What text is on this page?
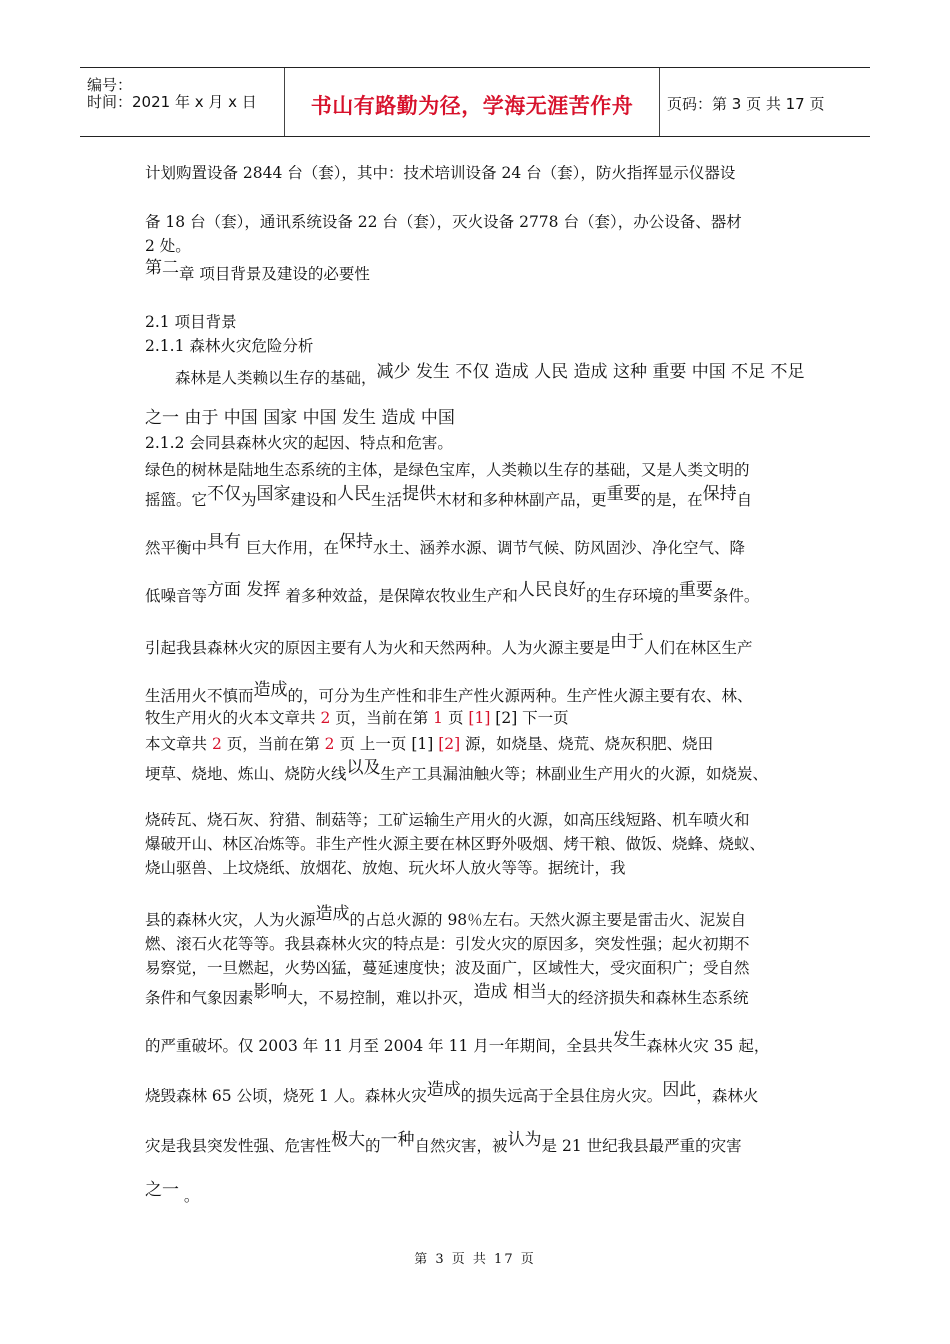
编号：
时间：2021 年 x 月 x 日	书山有路勤为径，学海无涯苦作舟	页码：第 3 页 共 17 页
计划购置设备 2844 台（套），其中：技术培训设备 24 台（套），防火指挥显示仪器设
备 18 台（套），通讯系统设备 22 台（套），灭火设备 2778 台（套），办公设备、器材
2 处。
第二章 项目背景及建设的必要性
2.1 项目背景
2.1.1 森林火灾危险分析
森林是人类赖以生存的基础，减少 发生 不仅 造成 人民 造成 这种 重要 中国 不足 不足
之一 由于 中国 国家 中国 发生 造成 中国
2.1.2 会同县森林火灾的起因、特点和危害。
绿色的树林是陆地生态系统的主体，是绿色宝库，人类赖以生存的基础，又是人类文明的
摇篮。它不仅为国家建设和人民生活提供木材和多种林副产品，更重要的是，在保持自
然平衡中具有 巨大作用，在保持水土、涵养水源、调节气候、防风固沙、净化空气、降
低噪音等方面 发挥 着多种效益，是保障农牧业生产和人民良好的生存环境的重要条件。
引起我县森林火灾的原因主要有人为火和天然两种。人为火源主要是由于人们在林区生产
生活用火不慎而造成的，可分为生产性和非生产性火源两种。生产性火源主要有农、林、
牧生产用火的火本文章共 2 页，当前在第 1 页 [1] [2] 下一页
本文章共 2 页，当前在第 2 页 上一页 [1] [2] 源，如烧垦、烧荒、烧灰积肥、烧田
埂草、烧地、炼山、烧防火线以及生产工具漏油触火等；林副业生产用火的火源，如烧炭、
烧砖瓦、烧石灰、狩猎、制菇等；工矿运输生产用火的火源，如高压线短路、机车喷火和
爆破开山、林区冶炼等。非生产性火源主要在林区野外吸烟、烤干粮、做饭、烧蜂、烧蚁、
烧山驱兽、上坟烧纸、放烟花、放炮、玩火坏人放火等等。据统计，我
县的森林火灾，人为火源造成的占总火源的 98％左右。天然火源主要是雷击火、泥炭自
燃、滚石火花等等。我县森林火灾的特点是：引发火灾的原因多，突发性强；起火初期不
易察觉，一旦燃起，火势凶猛，蔓延速度快；波及面广，区域性大，受灾面积广；受自然
条件和气象因素影响大，不易控制，难以扑灭，造成 相当大的经济损失和森林生态系统
的严重破坏。仅 2003 年 11 月至 2004 年 11 月一年期间，全县共发生森林火灾 35 起，
烧毁森林 65 公顷，烧死 1 人。森林火灾造成的损失远高于全县住房火灾。因此，森林火
灾是我县突发性强、危害性极大的一种自然灾害，被认为是 21 世纪我县最严重的灾害
之一 。
第 3 页 共 17 页
